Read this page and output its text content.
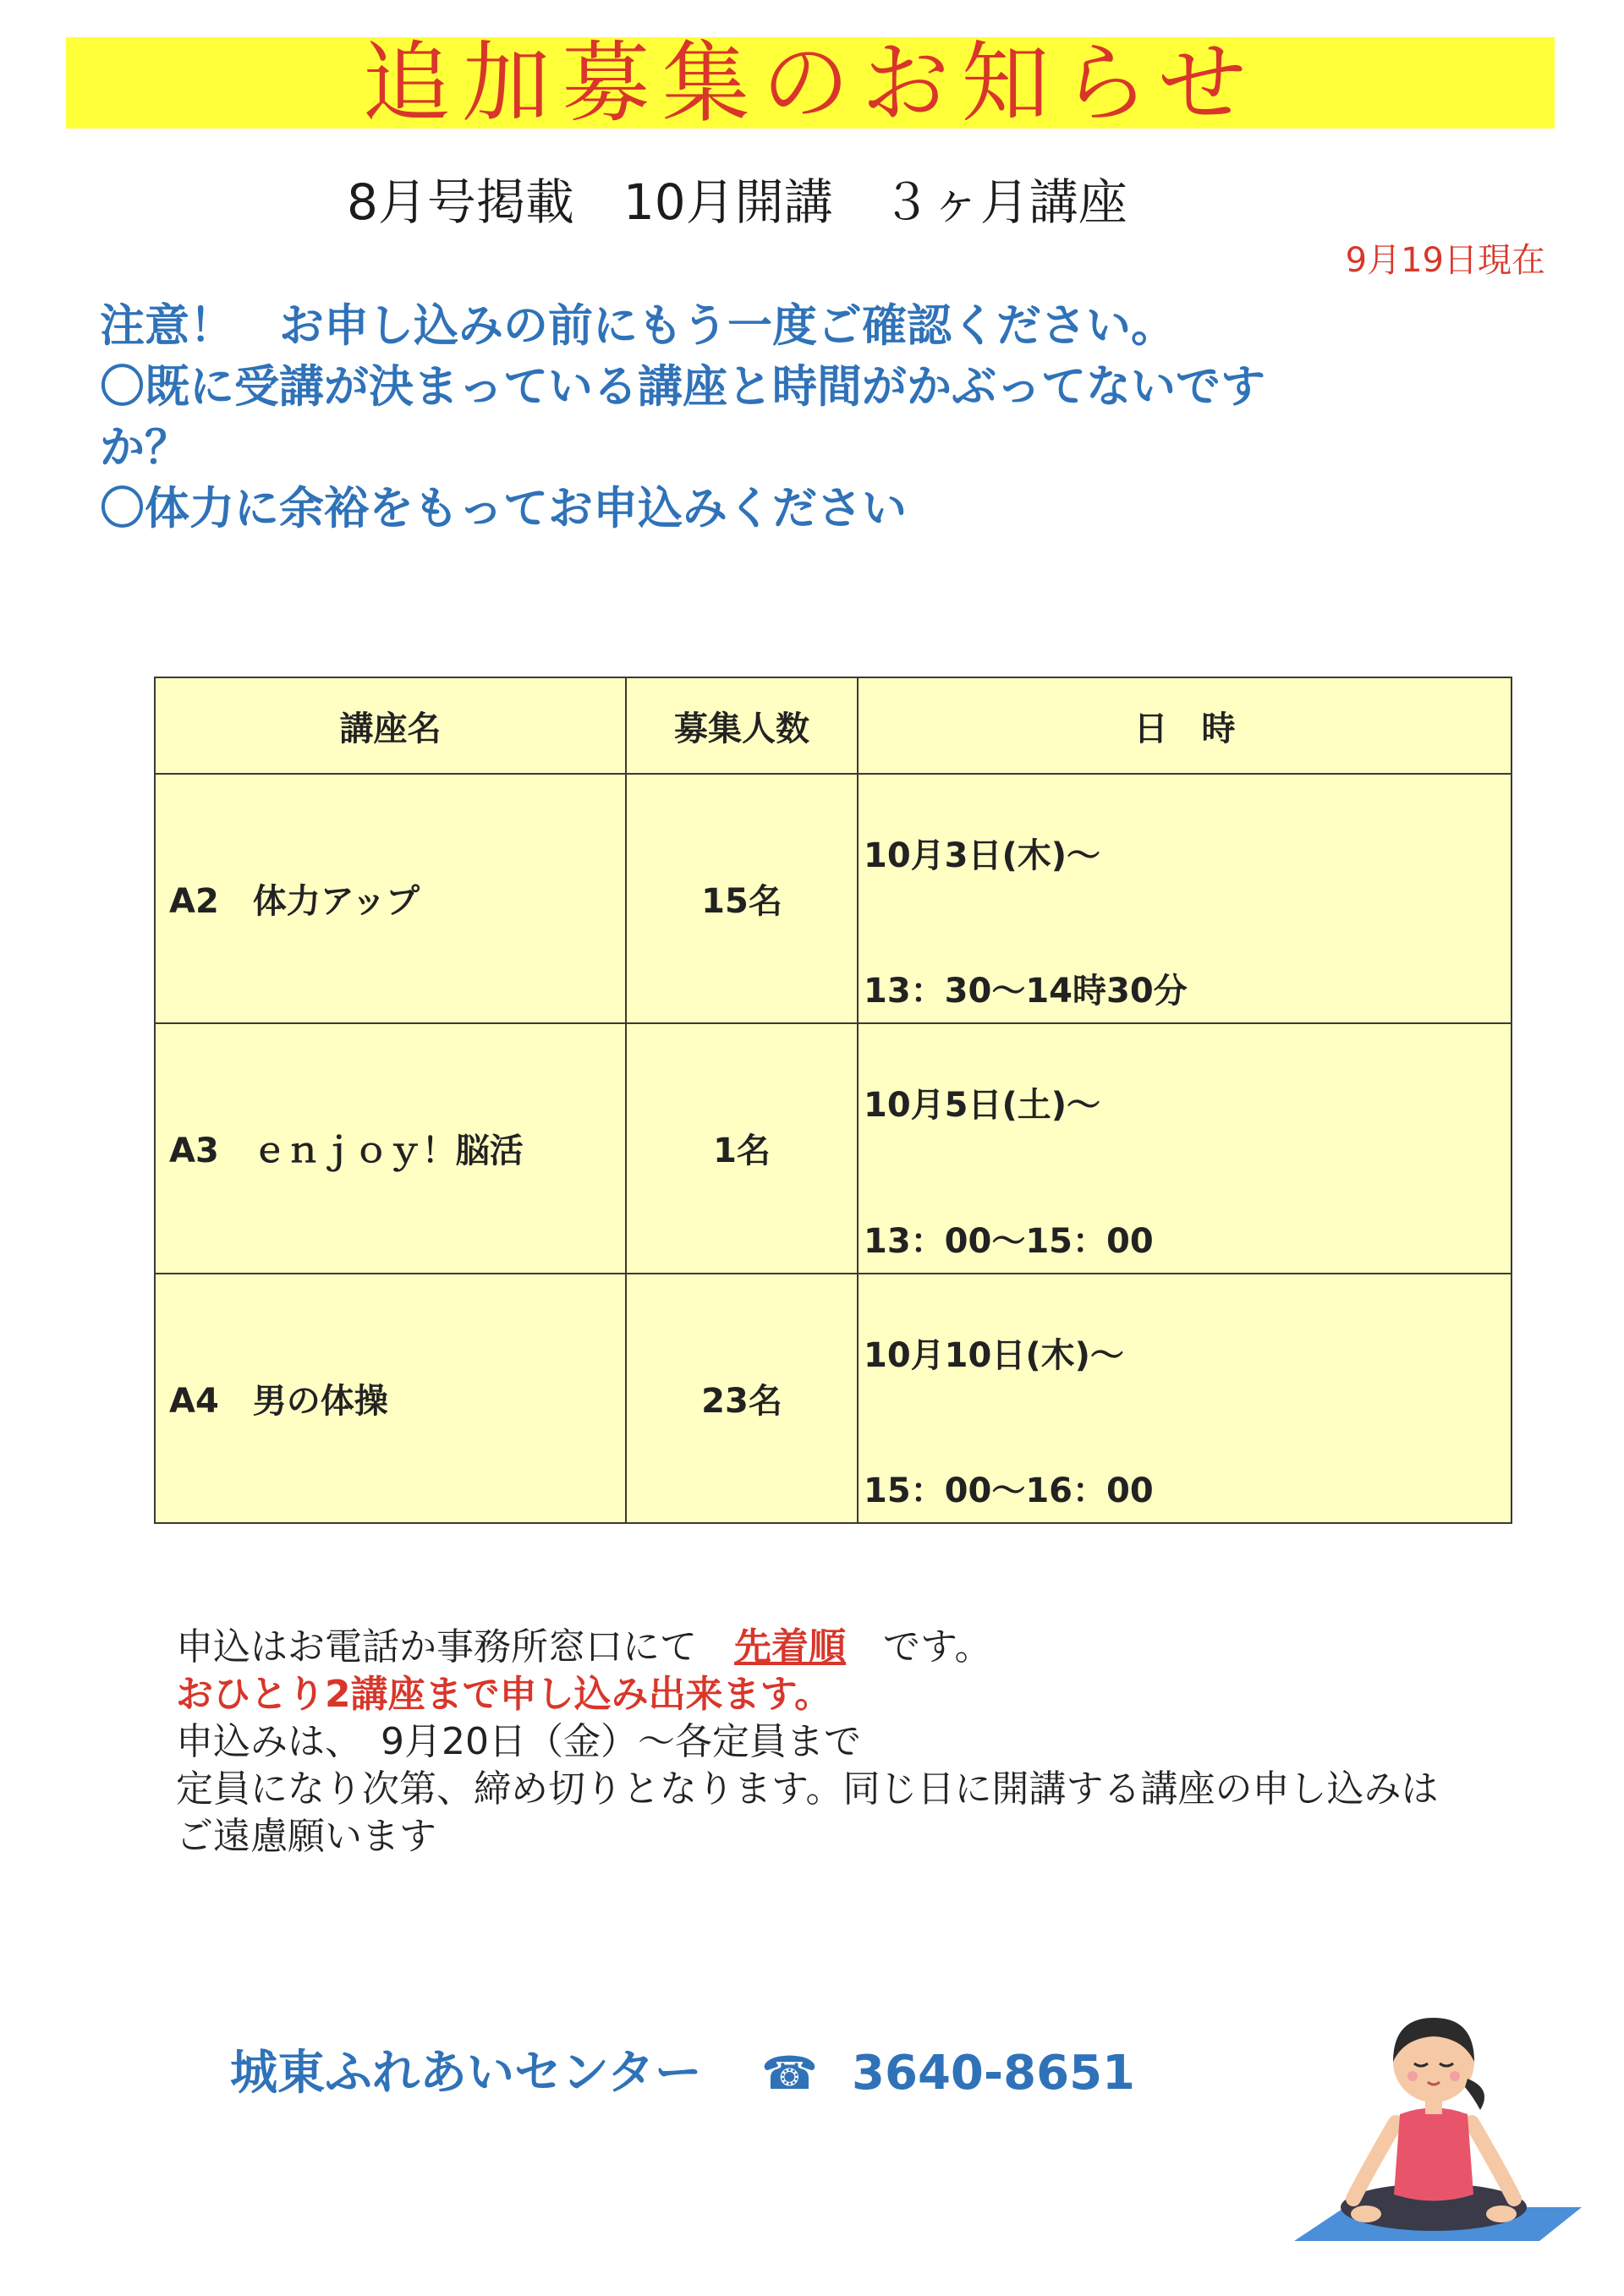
追加募集のお知らせ
8月号掲載　10月開講　３ヶ月講座
9月19日現在
注意！　お申し込みの前にもう一度ご確認ください。
〇既に受講が決まっている講座と時間がかぶってないです
か？
〇体力に余裕をもってお申込みください
講座名	募集人数	日　時
A2　体力アップ	15名	10月3日(木)～
13：30～14時30分

A3　ｅｎｊｏｙ！脳活	1名	10月5日(土)～
13：00～15：00

A4　男の体操	23名	10月10日(木)～
15：00～16：00
申込はお電話か事務所窓口にて　先着順　です。
おひとり2講座まで申し込み出来ます。
申込みは、　9月20日（金）～各定員まで
定員になり次第、締め切りとなります。同じ日に開講する講座の申し込みは
ご遠慮願います
城東ふれあいセンター ☎ 3640-8651
